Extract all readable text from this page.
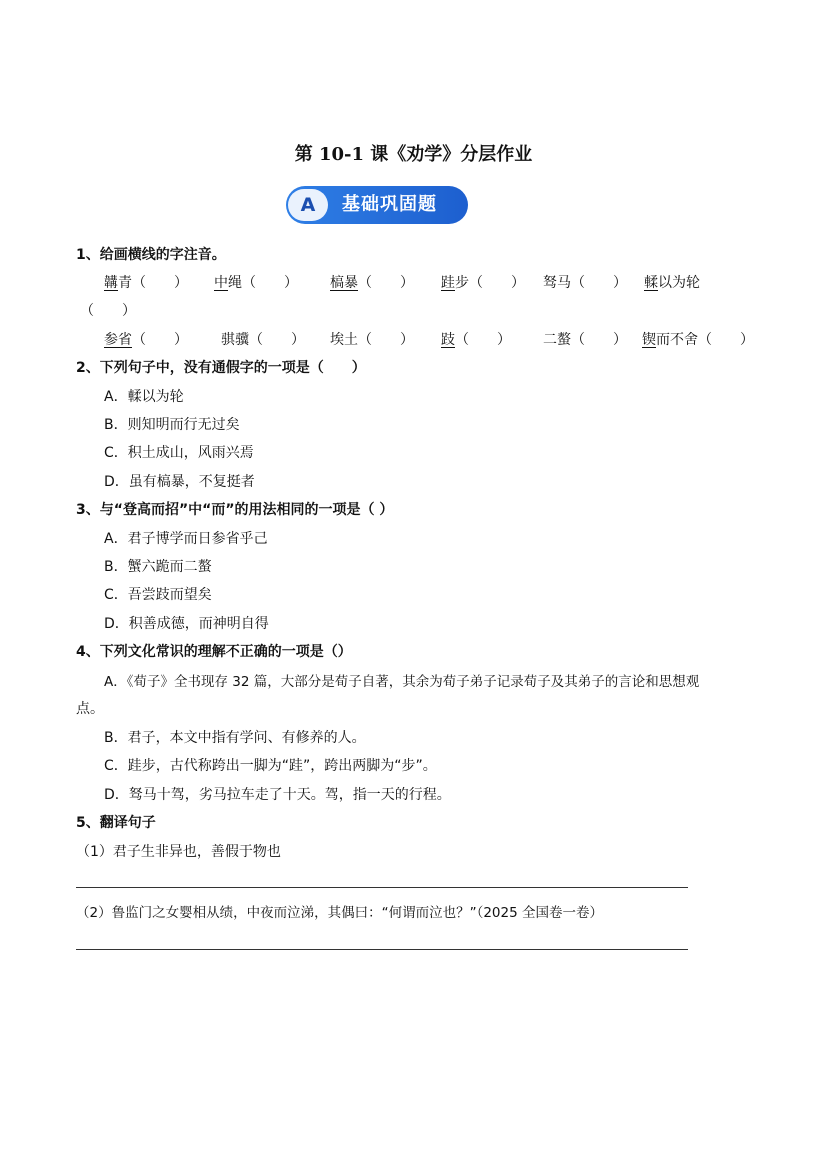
第 10-1 课《劝学》分层作业
A	基础巩固题
1、给画横线的字注音。
韝青（　　） 中绳（　　） 槁暴（　　） 跬步（　　） 驽马（　　） 輮以为轮
（　　）
参省（　　） 骐骥（　　） 埃土（　　） 跂（　　） 二螯（　　） 锲而不舍（　　）
2、下列句子中，没有通假字的一项是（　　）
A．輮以为轮
B．则知明而行无过矣
C．积土成山，风雨兴焉
D．虽有槁暴，不复挺者
3、与“登高而招”中“而”的用法相同的一项是（ ）
A．君子博学而日参省乎己
B．蟹六跪而二螯
C．吾尝跂而望矣
D．积善成德，而神明自得
4、下列文化常识的理解不正确的一项是（）
A．《荀子》全书现存 32 篇，大部分是荀子自著，其余为荀子弟子记录荀子及其弟子的言论和思想观
点。
B．君子，本文中指有学问、有修养的人。
C．跬步，古代称跨出一脚为“跬”，跨出两脚为“步”。
D．驽马十驾，劣马拉车走了十天。驾，指一天的行程。
5、翻译句子
（1）君子生非异也，善假于物也
（2）鲁监门之女婴相从绩，中夜而泣涕，其偶曰：“何谓而泣也？”（2025 全国卷一卷）
